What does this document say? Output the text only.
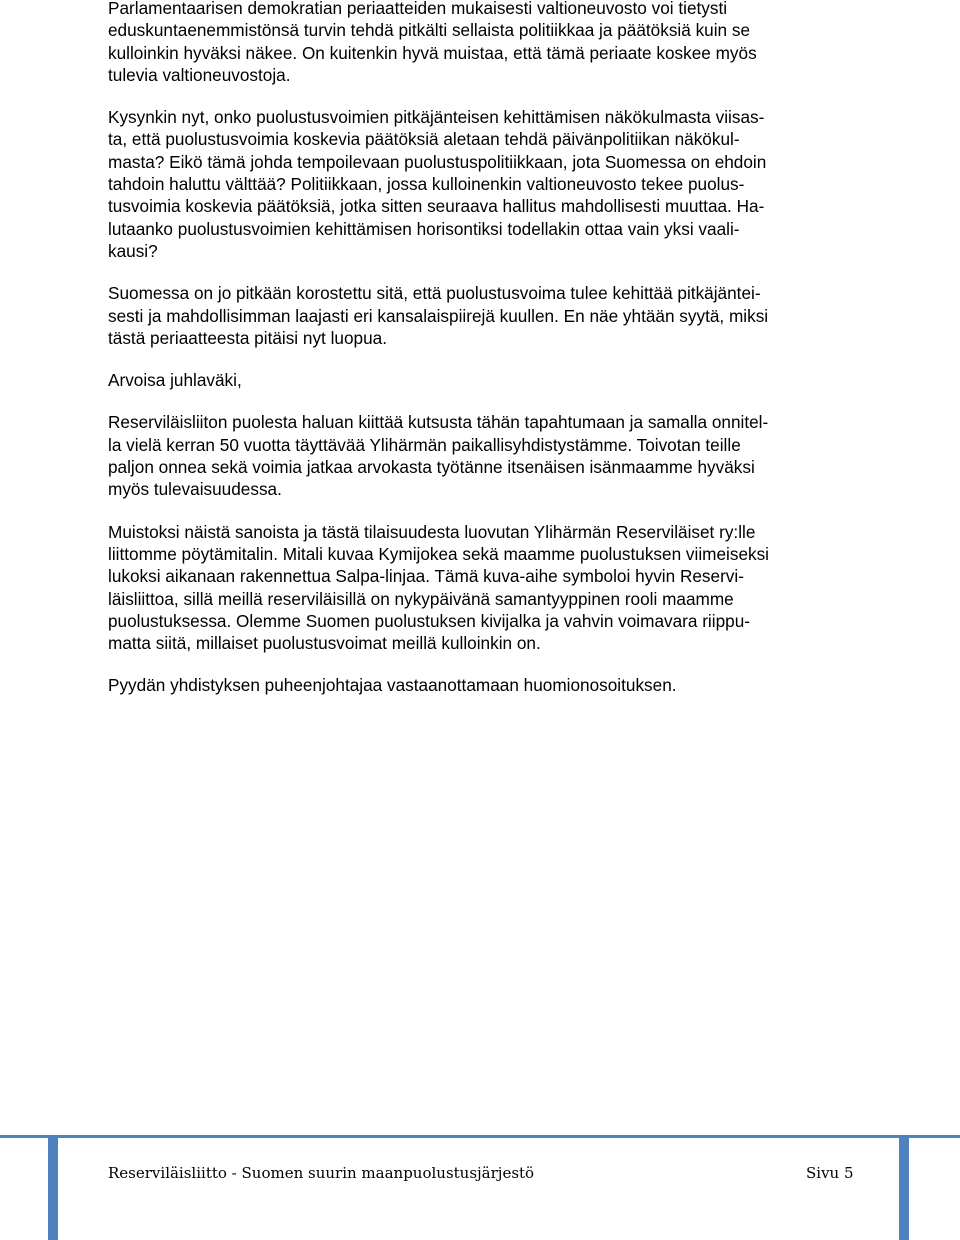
Parlamentaarisen demokratian periaatteiden mukaisesti valtioneuvosto voi tietysti
eduskuntaenemmistönsä turvin tehdä pitkälti sellaista politiikkaa ja päätöksiä kuin se
kulloinkin hyväksi näkee. On kuitenkin hyvä muistaa, että tämä periaate koskee myös
tulevia valtioneuvostoja.

Kysynkin nyt, onko puolustusvoimien pitkäjänteisen kehittämisen näkökulmasta viisas-
ta, että puolustusvoimia koskevia päätöksiä aletaan tehdä päivänpolitiikan näkökul-
masta? Eikö tämä johda tempoilevaan puolustuspolitiikkaan, jota Suomessa on ehdoin
tahdoin haluttu välttää? Politiikkaan, jossa kulloinenkin valtioneuvosto tekee puolus-
tusvoimia koskevia päätöksiä, jotka sitten seuraava hallitus mahdollisesti muuttaa. Ha-
lutaanko puolustusvoimien kehittämisen horisontiksi todellakin ottaa vain yksi vaali-
kausi?

Suomessa on jo pitkään korostettu sitä, että puolustusvoima tulee kehittää pitkäjäntei-
sesti ja mahdollisimman laajasti eri kansalaispiirejä kuullen. En näe yhtään syytä, miksi
tästä periaatteesta pitäisi nyt luopua.

Arvoisa juhlaväki,

Reserviläisliiton puolesta haluan kiittää kutsusta tähän tapahtumaan ja samalla onnitel-
la vielä kerran 50 vuotta täyttävää Ylihärmän paikallisyhdistystämme. Toivotan teille
paljon onnea sekä voimia jatkaa arvokasta työtänne itsenäisen isänmaamme hyväksi
myös tulevaisuudessa.

Muistoksi näistä sanoista ja tästä tilaisuudesta luovutan Ylihärmän Reserviläiset ry:lle
liittomme pöytämitalin. Mitali kuvaa Kymijokea sekä maamme puolustuksen viimeiseksi
lukoksi aikanaan rakennettua Salpa-linjaa. Tämä kuva-aihe symboloi hyvin Reservi-
läisliittoa, sillä meillä reserviläisillä on nykypäivänä samantyyppinen rooli maamme
puolustuksessa. Olemme Suomen puolustuksen kivijalka ja vahvin voimavara riippu-
matta siitä, millaiset puolustusvoimat meillä kulloinkin on.

Pyydän yhdistyksen puheenjohtajaa vastaanottamaan huomionosoituksen.

Reserviläisliitto - Suomen suurin maanpuolustusjärjestö	Sivu 5
